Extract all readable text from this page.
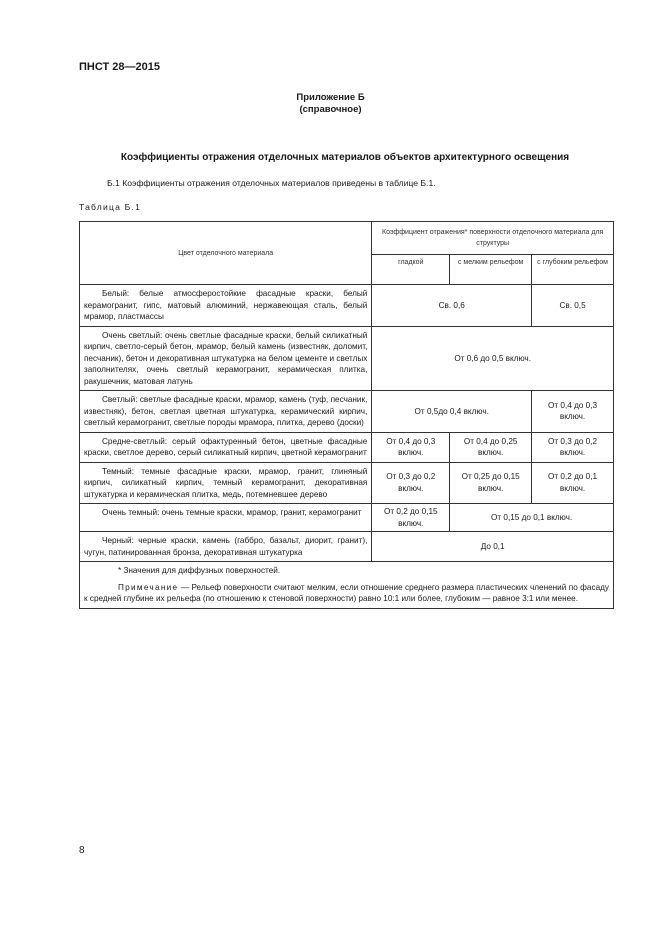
ПНСТ 28—2015
Приложение Б
(справочное)
Коэффициенты отражения отделочных материалов объектов архитектурного освещения
Б.1 Коэффициенты отражения отделочных материалов приведены в таблице Б.1.
Таблица Б.1
Цвет отделочного материала	Коэффициент отражения* поверхности отделочного материала для структуры		
	гладкой	с мелким рельефом	с глубоким рельефом
Белый: белые атмосферостойкие фасадные краски, белый керамогранит, гипс, матовый алюминий, нержавеющая сталь, белый мрамор, пластмассы	Св. 0,6		Св. 0,5
Очень светлый: очень светлые фасадные краски, белый силикатный кирпич, светло-серый бетон, мрамор, белый камень (известняк, доломит, песчаник), бетон и декоративная штукатурка на белом цементе и светлых заполнителях, очень светлый керамогранит, керамическая плитка, ракушечник, матовая латунь	От 0,6 до 0,5 включ.		
Светлый: светлые фасадные краски, мрамор, камень (туф, песчаник, известняк), бетон, светлая цветная штукатурка, керамический кирпич, светлый керамогранит, светлые породы мрамора, плитка, дерево (доски)	От 0,5до 0,4 включ.		От 0,4 до 0,3 включ.
Средне-светлый: серый офактуренный бетон, цветные фасадные краски, светлое дерево, серый силикатный кирпич, цветной керамогранит	От 0,4 до 0,3 включ.	От 0,4 до 0,25 включ.	От 0,3 до 0,2 включ.
Темный: темные фасадные краски, мрамор, гранит, глиняный кирпич, силикатный кирпич, темный керамогранит, декоративная штукатурка и керамическая плитка, медь, потемневшее дерево	От 0,3 до 0,2 включ.	От 0,25 до 0,15 включ.	От 0,2 до 0,1 включ.
Очень темный: очень темные краски, мрамор, гранит, керамогранит	От 0,2 до 0,15 включ.	От 0,15 до 0,1 включ.	
Черный: черные краски, камень (габбро, базальт, диорит, гранит), чугун, патинированная бронза, декоративная штукатурка	До 0,1		

* Значения для диффузных поверхностей.

Примечание — Рельеф поверхности считают мелким, если отношение среднего размера пластических членений по фасаду к средней глубине их рельефа (по отношению к стеновой поверхности) равно 10:1 или более, глубоким — равное 3:1 или менее.			

8
